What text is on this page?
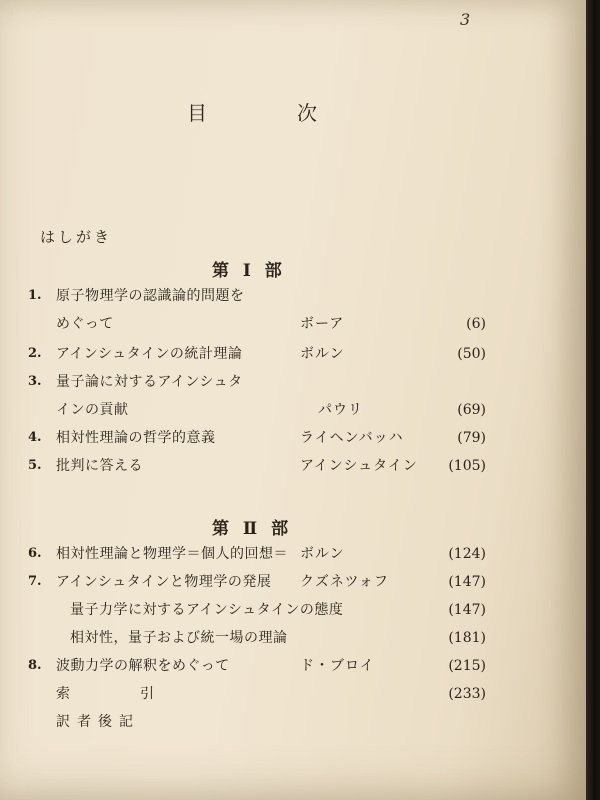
3
目	次
はしがき
第 Ⅰ 部
1. 原子物理学の認識論的問題を
めぐって	ボーア	(6)
2. アインシュタインの統計理論	ボルン	(50)
3. 量子論に対するアインシュタ
インの貢献	パウリ	(69)
4. 相対性理論の哲学的意義	ライヘンバッハ	(79)
5. 批判に答える	アインシュタイン (105)
第 Ⅱ 部
6. 相対性理論と物理学＝個人的回想＝ ボルン	(124)
7. アインシュタインと物理学の発展 クズネツォフ	(147)
量子力学に対するアインシュタインの態度	(147)
相対性，量子および統一場の理論	(181)
8. 波動力学の解釈をめぐって	ド・ブロイ	(215)
索　引	(233)
訳者後記
